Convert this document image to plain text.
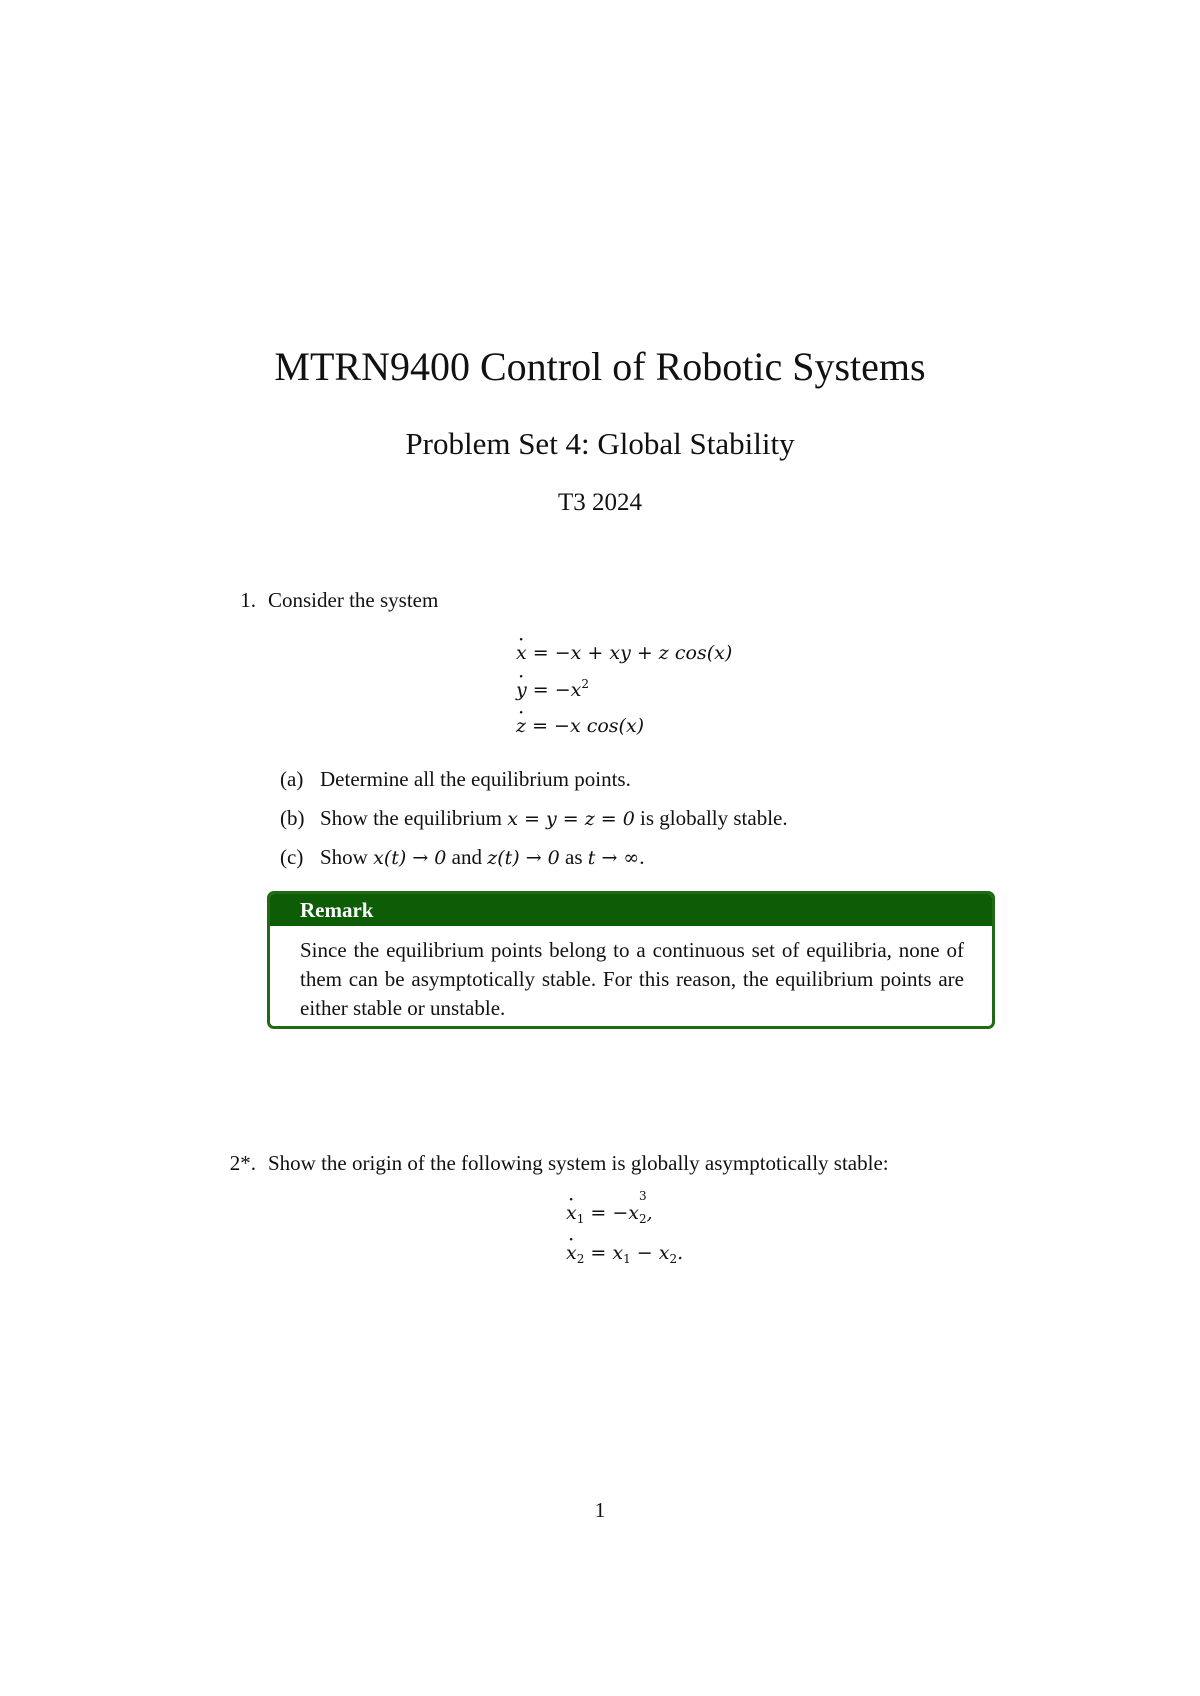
MTRN9400 Control of Robotic Systems
Problem Set 4: Global Stability
T3 2024
1. Consider the system
· x = −x + xy + z cos(x)
· $y = -x^2$
· z = −x cos(x)
(a) Determine all the equilibrium points.
(b) Show the equilibrium x = y = z = 0 is globally stable.
(c) Show x(t) → 0 and z(t) → 0 as t → ∞.
Remark
Since the equilibrium points belong to a continuous set of equilibria, none of them can be asymptotically stable. For this reason, the equilibrium points are either stable or unstable.
2*. Show the origin of the following system is globally asymptotically stable:
· $x_1 = -x$
3
$_2$,
· $x_2 = x_1 - x_2$.
1
